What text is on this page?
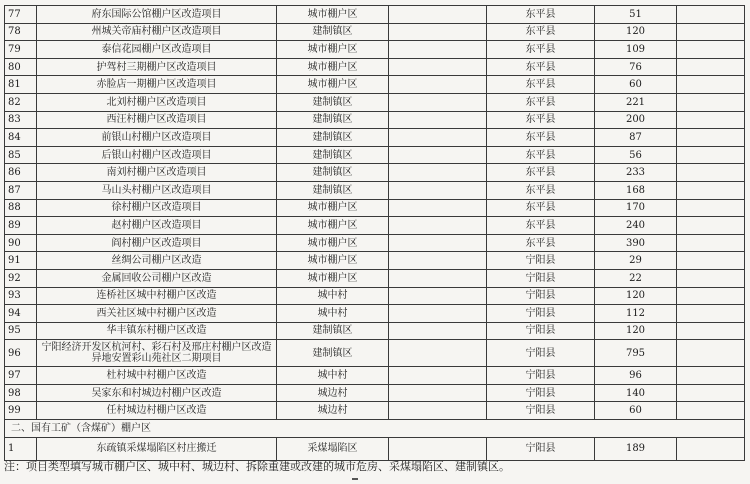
77	府东国际公馆棚户区改造项目	城市棚户区		东平县	51	
78	州城关帝庙村棚户区改造项目	建制镇区		东平县	120	
79	泰信花园棚户区改造项目	城市棚户区		东平县	109	
80	护驾村三期棚户区改造项目	城市棚户区		东平县	76	
81	赤脸店一期棚户区改造项目	城市棚户区		东平县	60	
82	北刘村棚户区改造项目	建制镇区		东平县	221	
83	西汪村棚户区改造项目	建制镇区		东平县	200	
84	前银山村棚户区改造项目	建制镇区		东平县	87	
85	后银山村棚户区改造项目	建制镇区		东平县	56	
86	南刘村棚户区改造项目	建制镇区		东平县	233	
87	马山头村棚户区改造项目	建制镇区		东平县	168	
88	徐村棚户区改造项目	城市棚户区		东平县	170	
89	赵村棚户区改造项目	城市棚户区		东平县	240	
90	阎村棚户区改造项目	城市棚户区		东平县	390	
91	丝绸公司棚户区改造	城市棚户区		宁阳县	29	
92	金属回收公司棚户区改造	城市棚户区		宁阳县	22	
93	连桥社区城中村棚户区改造	城中村		宁阳县	120	
94	西关社区城中村棚户区改造	城中村		宁阳县	112	
95	华丰镇东村棚户区改造	建制镇区		宁阳县	120	
96	宁阳经济开发区杭河村、彩石村及邢庄村棚户区改造异地安置彩山苑社区二期项目	建制镇区		宁阳县	795	
97	杜村城中村棚户区改造	城中村		宁阳县	96	
98	吴家东和村城边村棚户区改造	城边村		宁阳县	140	
99	任村城边村棚户区改造	城边村		宁阳县	60	
二、国有工矿（含煤矿）棚户区						
1	东疏镇采煤塌陷区村庄搬迁	采煤塌陷区		宁阳县	189	
注：项目类型填写城市棚户区、城中村、城边村、拆除重建或改建的城市危房、采煤塌陷区、建制镇区。
